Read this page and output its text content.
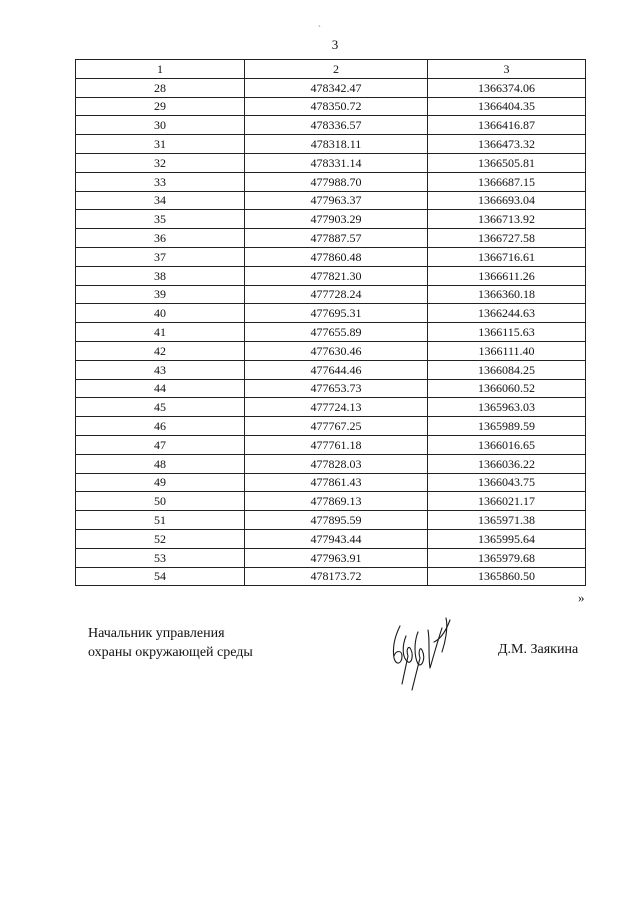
`
3
1	2	3
28	478342.47	1366374.06
29	478350.72	1366404.35
30	478336.57	1366416.87
31	478318.11	1366473.32
32	478331.14	1366505.81
33	477988.70	1366687.15
34	477963.37	1366693.04
35	477903.29	1366713.92
36	477887.57	1366727.58
37	477860.48	1366716.61
38	477821.30	1366611.26
39	477728.24	1366360.18
40	477695.31	1366244.63
41	477655.89	1366115.63
42	477630.46	1366111.40
43	477644.46	1366084.25
44	477653.73	1366060.52
45	477724.13	1365963.03
46	477767.25	1365989.59
47	477761.18	1366016.65
48	477828.03	1366036.22
49	477861.43	1366043.75
50	477869.13	1366021.17
51	477895.59	1365971.38
52	477943.44	1365995.64
53	477963.91	1365979.68
54	478173.72	1365860.50
»
Начальник управления
охраны окружающей среды	Д.М. Заякина
